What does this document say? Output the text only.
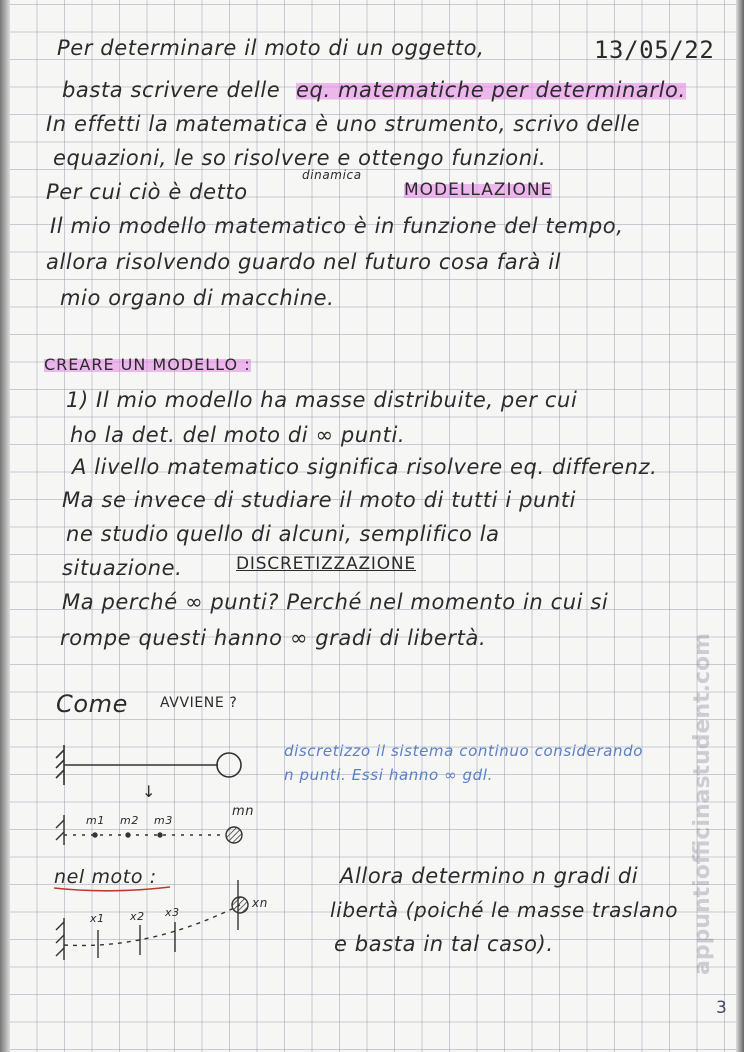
Per determinare il moto di un oggetto,	13/05/22
basta scrivere delle eq. matematiche per determinarlo.
In effetti la matematica è uno strumento, scrivo delle
equazioni, le so risolvere e ottengo funzioni.
dinamica
Per cui ciò è detto	MODELLAZIONE
Il mio modello matematico è in funzione del tempo,
allora risolvendo guardo nel futuro cosa farà il
mio organo di macchine.
CREARE UN MODELLO :
1) Il mio modello ha masse distribuite, per cui
ho la det. del moto di ∞ punti.
A livello matematico significa risolvere eq. differenz.
Ma se invece di studiare il moto di tutti i punti
ne studio quello di alcuni, semplifico la
situazione.	DISCRETIZZAZIONE
Ma perché ∞ punti? Perché nel momento in cui si
rompe questi hanno ∞ gradi di libertà.
Come AVVIENE ?
discretizzo il sistema continuo considerando
n punti. Essi hanno ∞ gdl.
↓
m1 m2 m3
mn
nel moto :
x1 x2 x3
xn
Allora determino n gradi di
libertà (poiché le masse traslano
e basta in tal caso).	appuntiofficinastudent.com
3
